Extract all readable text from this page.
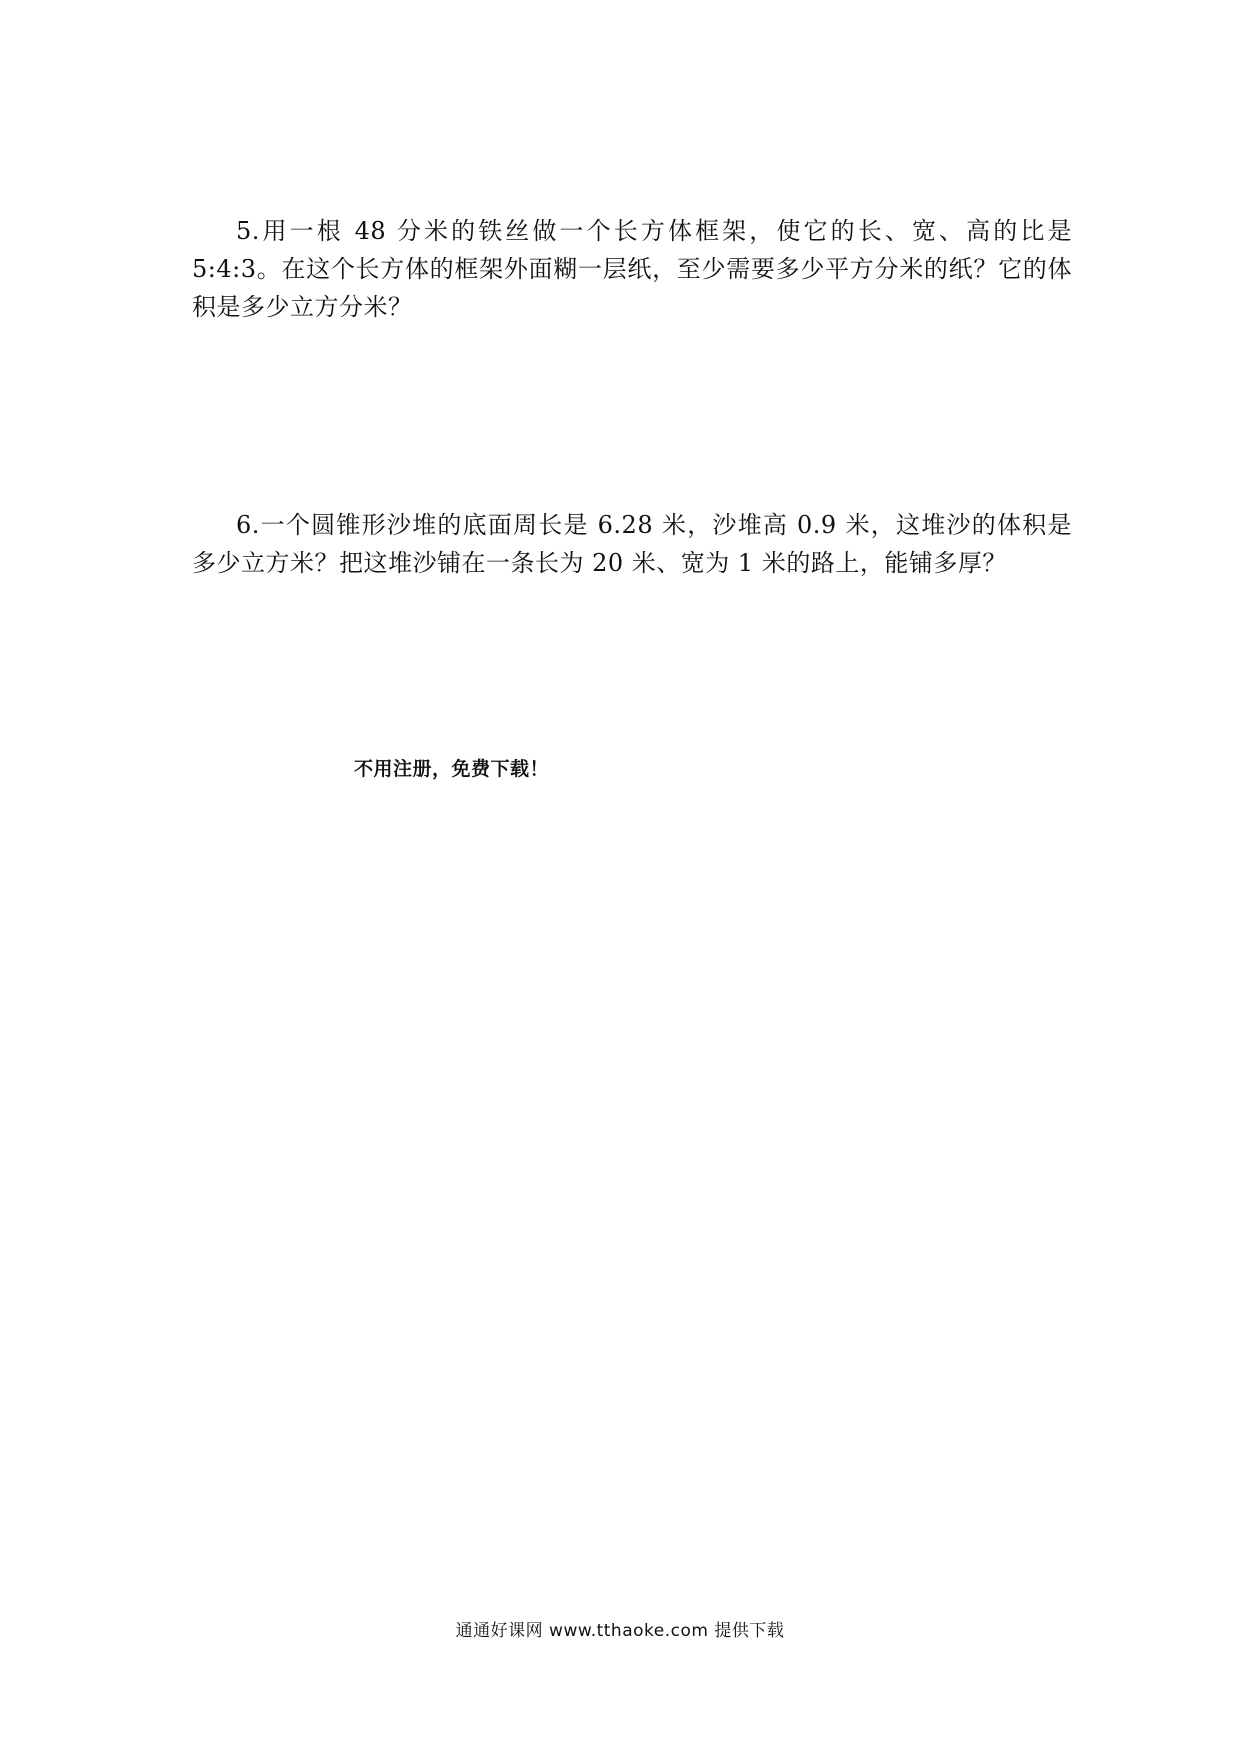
5.用一根 48 分米的铁丝做一个长方体框架，使它的长、宽、高的比是 5:4:3。在这个长方体的框架外面糊一层纸，至少需要多少平方分米的纸？它的体积是多少立方分米？

6.一个圆锥形沙堆的底面周长是 6.28 米，沙堆高 0.9 米，这堆沙的体积是多少立方米？把这堆沙铺在一条长为 20 米、宽为 1 米的路上，能铺多厚？

不用注册，免费下载！

通通好课网 www.tthaoke.com 提供下载
